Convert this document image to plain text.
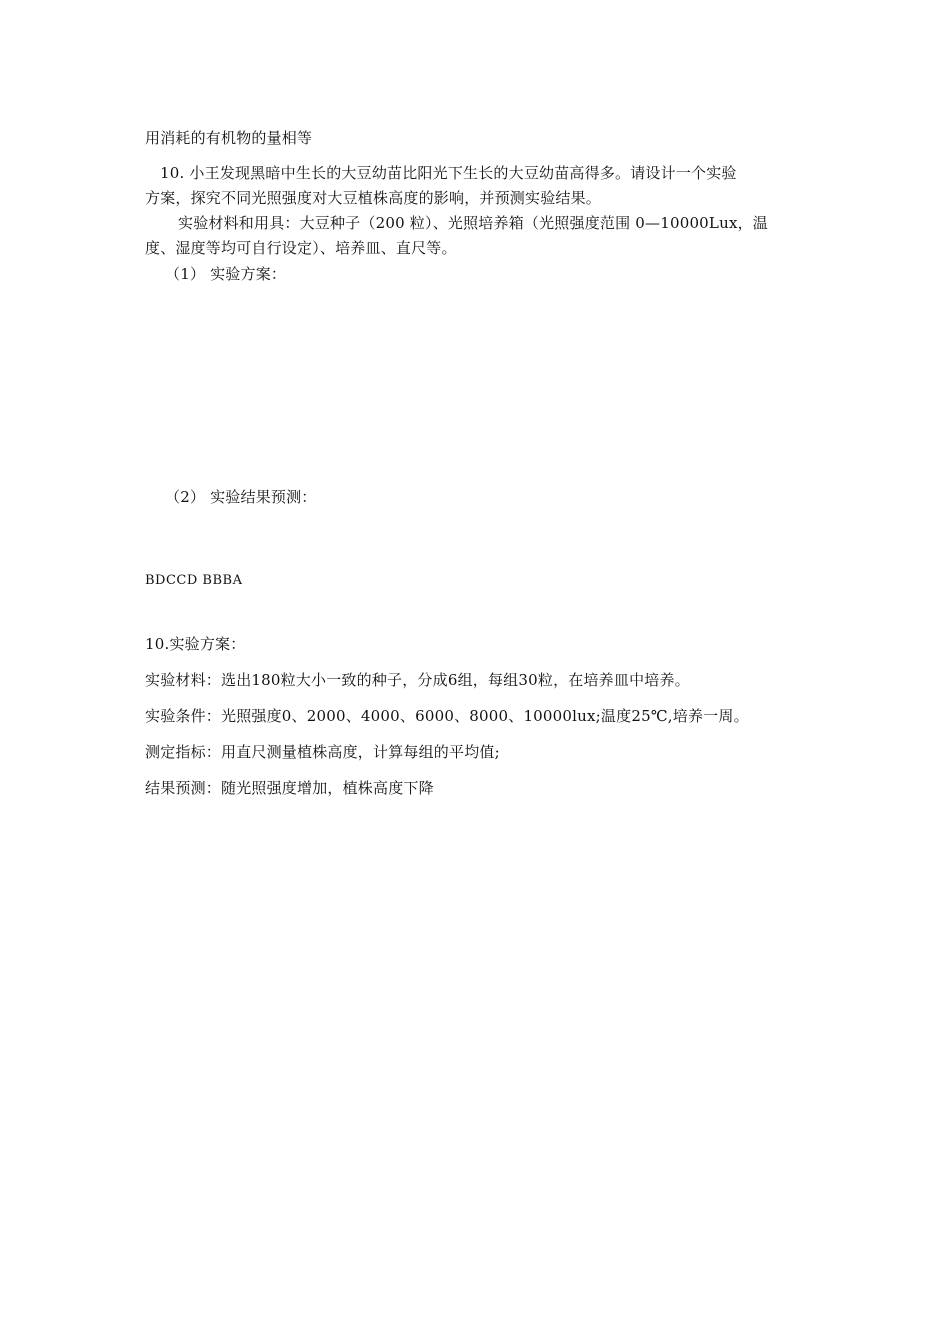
用消耗的有机物的量相等
10. 小王发现黑暗中生长的大豆幼苗比阳光下生长的大豆幼苗高得多。请设计一个实验
方案，探究不同光照强度对大豆植株高度的影响，并预测实验结果。
实验材料和用具：大豆种子（200 粒）、光照培养箱（光照强度范围 0—10000Lux，温
度、湿度等均可自行设定）、培养皿、直尺等。
（1） 实验方案：
（2） 实验结果预测：
BDCCD BBBA
10.实验方案：
实验材料：选出180粒大小一致的种子，分成6组，每组30粒，在培养皿中培养。
实验条件：光照强度0、2000、4000、6000、8000、10000lux;温度25℃,培养一周。
测定指标：用直尺测量植株高度，计算每组的平均值;
结果预测：随光照强度增加，植株高度下降
